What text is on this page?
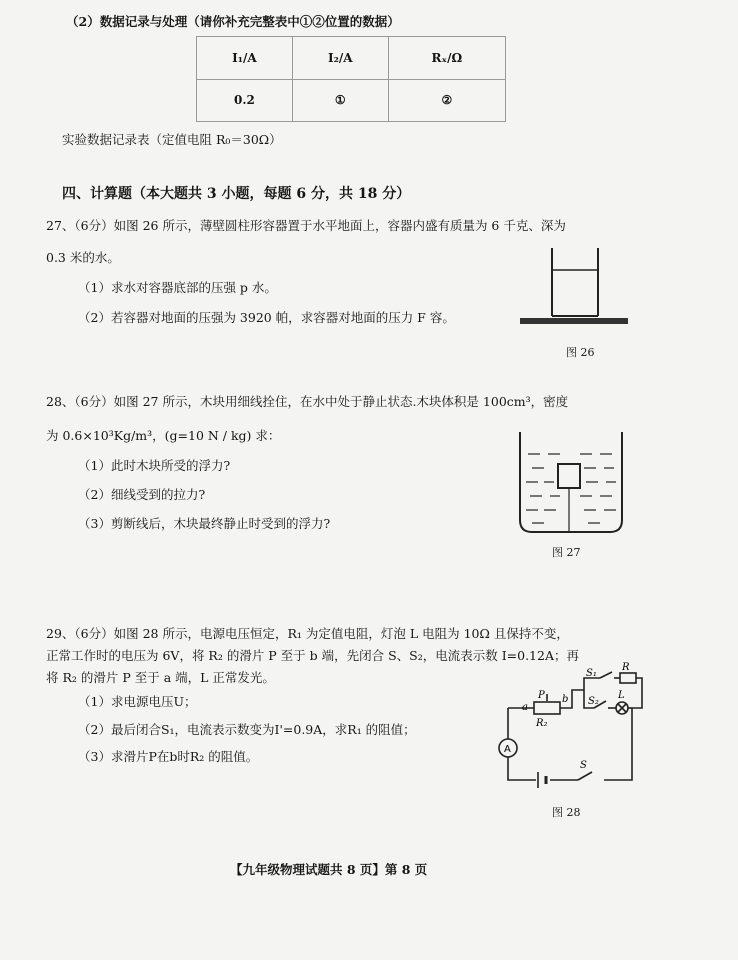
（2）数据记录与处理（请你补充完整表中①②位置的数据）
I₁/A	I₂/A	Rₓ/Ω
0.2	①	②
实验数据记录表（定值电阻 R₀＝30Ω）
四、计算题（本大题共 3 小题，每题 6 分，共 18 分）
27、（6分）如图 26 所示，薄壁圆柱形容器置于水平地面上，容器内盛有质量为 6 千克、深为
0.3 米的水。
（1）求水对容器底部的压强 p 水。
（2）若容器对地面的压强为 3920 帕，求容器对地面的压力 F 容。
图 26
28、（6分）如图 27 所示，木块用细线拴住，在水中处于静止状态.木块体积是 100cm³，密度
为 0.6×10³Kg/m³，(g=10 N / kg) 求：
（1）此时木块所受的浮力?
（2）细线受到的拉力?
（3）剪断线后，木块最终静止时受到的浮力?
图 27
29、（6分）如图 28 所示，电源电压恒定，R₁ 为定值电阻，灯泡 L 电阻为 10Ω 且保持不变，
正常工作时的电压为 6V，将 R₂ 的滑片 P 至于 b 端，先闭合 S、S₂，电流表示数 I=0.12A；再
将 R₂ 的滑片 P 至于 a 端，L 正常发光。
（1）求电源电压U；
（2）最后闭合S₁，电流表示数变为I'=0.9A，求R₁ 的阻值；
（3）求滑片P在b时R₂ 的阻值。	A
a
P b
R₂
S₁
S₂
R
L
S
图 28
【九年级物理试题共 8 页】第 8 页
